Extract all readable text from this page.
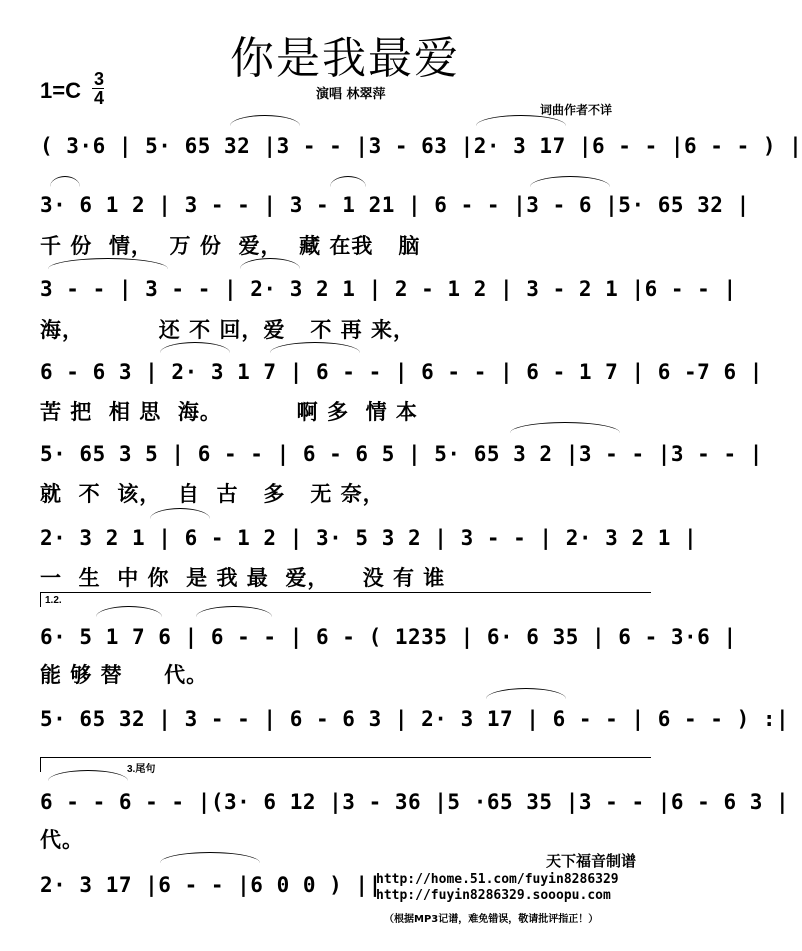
你是我最爱
1=C 3
4	演唱 林翠萍
词曲作者不详
( 3·6 | 5· 65 32 |3 - - |3 - 63 |2· 3 17 |6 - - |6 - - ) |
3· 6 1 2 | 3 - - | 3 - 1 21 | 6 - - |3 - 6 |5· 65 32 |
千 份  情，  万 份  爱，  藏 在我   脑
3 - - | 3 - - | 2· 3 2 1 | 2 - 1 2 | 3 - 2 1 |6 - - |
海，         还 不 回，爱   不 再 来，
6 - 6 3 | 2· 3 1 7 | 6 - - | 6 - - | 6 - 1 7 | 6 -7 6 |
苦 把  相 思  海。         啊 多  情 本
5· 65 3 5 | 6 - - | 6 - 6 5 | 5· 65 3 2 |3 - - |3 - - |
就  不  该，  自  古   多   无 奈，
2· 3 2 1 | 6 - 1 2 | 3· 5 3 2 | 3 - - | 2· 3 2 1 |
一  生  中 你  是 我 最  爱，    没 有 谁
1.2.
6· 5 1 7 6 | 6 - - | 6 - ( 1235 | 6· 6 35 | 6 - 3·6 |
能 够 替     代。
5· 65 32 | 3 - - | 6 - 6 3 | 2· 3 17 | 6 - - | 6 - - ) :|
3.尾句
6 - - 6 - - |(3· 6 12 |3 - 36 |5 ·65 35 |3 - - |6 - 6 3 |
代。
2· 3 17 |6 - - |6 0 0 ) ||
天下福音制谱
http://home.51.com/fuyin8286329
http://fuyin8286329.sooopu.com
（根据MP3记谱，难免错误，敬请批评指正！）
